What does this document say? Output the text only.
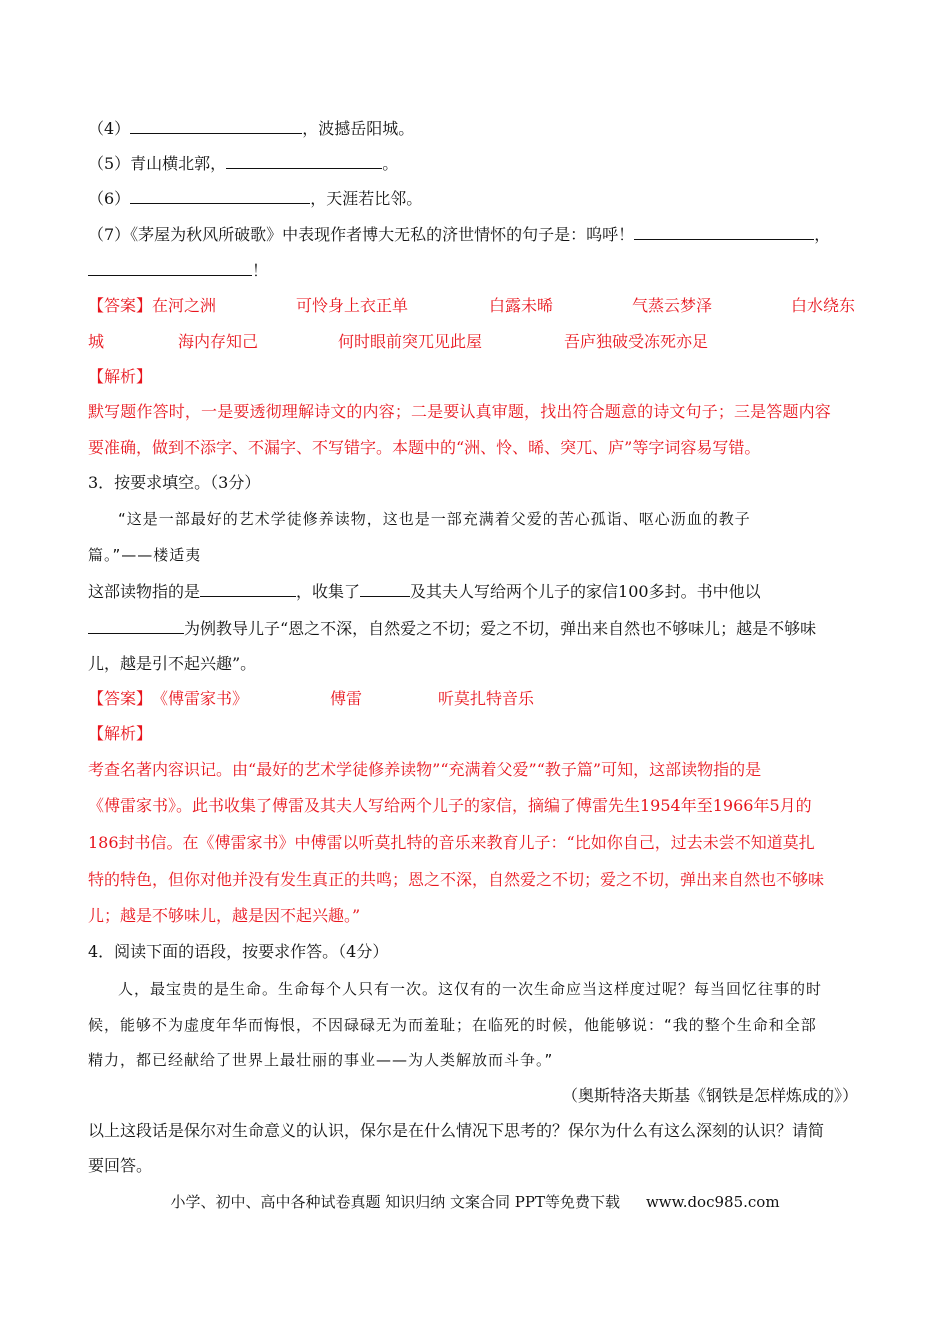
（4）	，波撼岳阳城。
（5）青山横北郭，	。
（6）	，天涯若比邻。
（7）《茅屋为秋风所破歌》中表现作者博大无私的济世情怀的句子是：呜呼！	，
！
【答案】 在河之洲	可怜身上衣正单	白露未晞	气蒸云梦泽	白水绕东
城	海内存知己	何时眼前突兀见此屋	吾庐独破受冻死亦足
【解析】
默写题作答时，一是要透彻理解诗文的内容；二是要认真审题，找出符合题意的诗文句子；三是答题内容
要准确，做到不添字、不漏字、不写错字。本题中的“洲、怜、晞、突兀、庐”等字词容易写错。
3．按要求填空。（3分）
“这是一部最好的艺术学徒修养读物，这也是一部充满着父爱的苦心孤诣、呕心沥血的教子
篇。”——楼适夷
这部读物指的是	，收集了	及其夫人写给两个儿子的家信100多封。书中他以
为例教导儿子“恩之不深，自然爱之不切；爱之不切，弹出来自然也不够味儿；越是不够味
儿，越是引不起兴趣”。
【答案】 《傅雷家书》	傅雷	听莫扎特音乐
【解析】
考查名著内容识记。由“最好的艺术学徒修养读物”“充满着父爱”“教子篇”可知，这部读物指的是
《傅雷家书》。此书收集了傅雷及其夫人写给两个儿子的家信，摘编了傅雷先生1954年至1966年5月的
186封书信。在《傅雷家书》中傅雷以听莫扎特的音乐来教育儿子：“比如你自己，过去未尝不知道莫扎
特的特色，但你对他并没有发生真正的共鸣；恩之不深，自然爱之不切；爱之不切，弹出来自然也不够味
儿；越是不够味儿，越是因不起兴趣。”
4．阅读下面的语段，按要求作答。（4分）
人，最宝贵的是生命。生命每个人只有一次。这仅有的一次生命应当这样度过呢？每当回忆往事的时
候，能够不为虚度年华而悔恨，不因碌碌无为而羞耻；在临死的时候，他能够说：“我的整个生命和全部
精力，都已经献给了世界上最壮丽的事业——为人类解放而斗争。”
（奥斯特洛夫斯基《钢铁是怎样炼成的》）
以上这段话是保尔对生命意义的认识，保尔是在什么情况下思考的？保尔为什么有这么深刻的认识？请简
要回答。
小学、初中、高中各种试卷真题 知识归纳 文案合同 PPT等免费下载 www.doc985.com
